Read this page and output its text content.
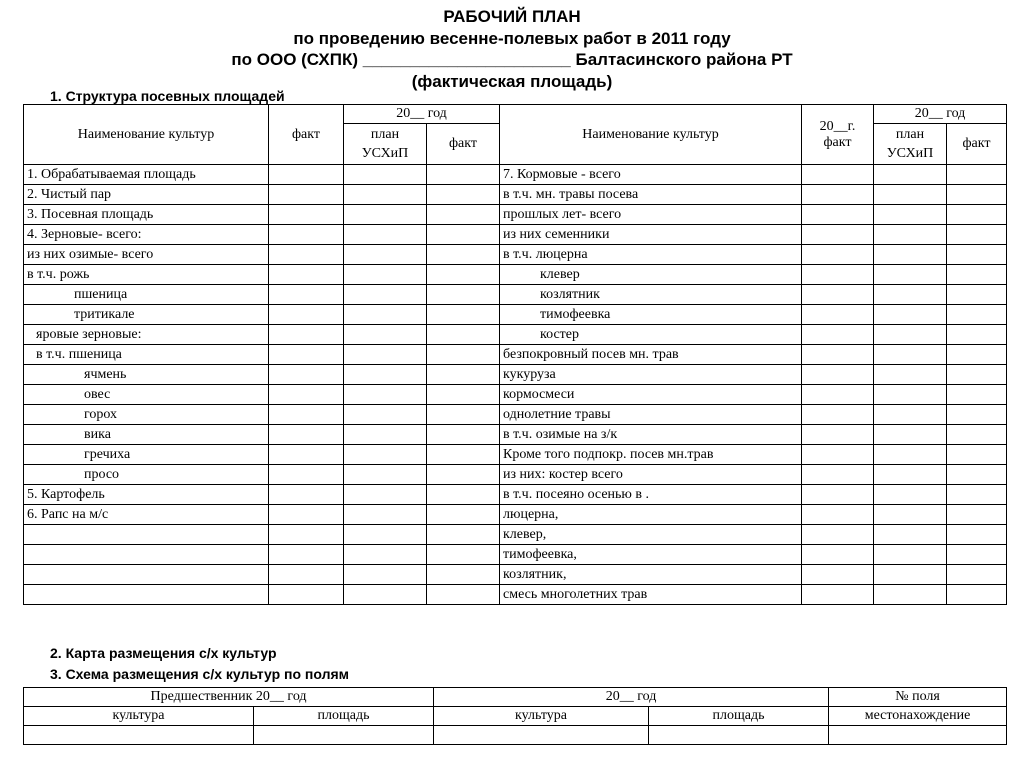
РАБОЧИЙ ПЛАН
по проведению весенне-полевых работ в 2011 году
по ООО (СХПК) ______________________ Балтасинского района РТ
(фактическая площадь)
1. Структура посевных площадей
Наименование культур	факт	20__ год		Наименование культур	20__г. факт	20__ год	
		план УСХиП	факт			план УСХиП	факт
1. Обрабатываемая площадь				7. Кормовые - всего			
2. Чистый пар				в т.ч. мн. травы посева			
3. Посевная площадь				прошлых лет- всего			
4. Зерновые- всего:				из них семенники			
из них озимые- всего				в т.ч. люцерна			
в т.ч. рожь				клевер			
пшеница				козлятник			
тритикале				тимофеевка			
яровые зерновые:				костер			
в т.ч. пшеница				безпокровный посев мн. трав			
ячмень				кукуруза			
овес				кормосмеси			
горох				однолетние травы			
вика				в т.ч. озимые на з/к			
гречиха				Кроме того подпокр. посев мн.трав			
просо				из них: костер всего			
5. Картофель				в т.ч. посеяно осенью в .			
6. Рапс на м/с				люцерна,			
				клевер,			
				тимофеевка,			
				козлятник,			
				смесь многолетних трав			
2. Карта размещения с/х культур
3. Схема размещения с/х культур по полям
Предшественник 20__ год		20__ год		№ поля
культура	площадь	культура	площадь	местонахождение
